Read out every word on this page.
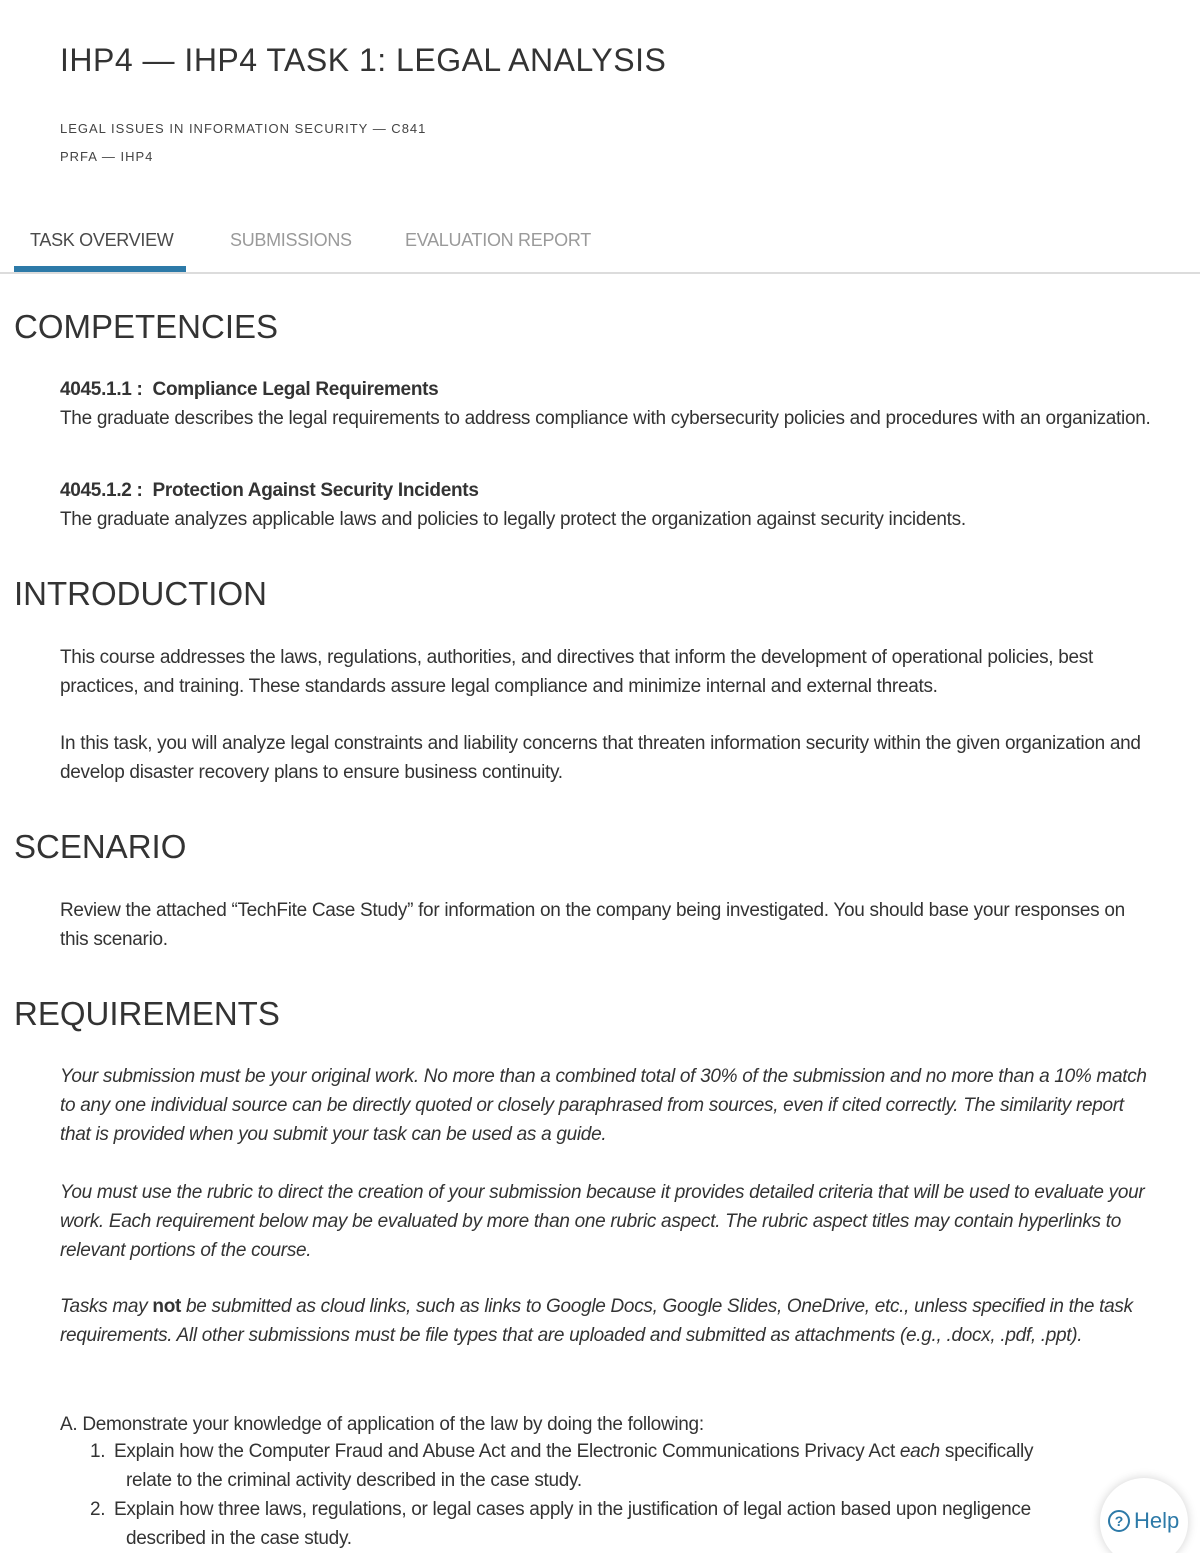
IHP4 — IHP4 TASK 1: LEGAL ANALYSIS
LEGAL ISSUES IN INFORMATION SECURITY — C841
PRFA — IHP4
TASK OVERVIEW	SUBMISSIONS	EVALUATION REPORT
COMPETENCIES
4045.1.1 : Compliance Legal Requirements
The graduate describes the legal requirements to address compliance with cybersecurity policies and procedures with an organization.
4045.1.2 : Protection Against Security Incidents
The graduate analyzes applicable laws and policies to legally protect the organization against security incidents.
INTRODUCTION

This course addresses the laws, regulations, authorities, and directives that inform the development of operational policies, best practices, and training. These standards assure legal compliance and minimize internal and external threats.

In this task, you will analyze legal constraints and liability concerns that threaten information security within the given organization and develop disaster recovery plans to ensure business continuity.

SCENARIO

Review the attached “TechFite Case Study” for information on the company being investigated. You should base your responses on this scenario.

REQUIREMENTS

Your submission must be your original work. No more than a combined total of 30% of the submission and no more than a 10% match to any one individual source can be directly quoted or closely paraphrased from sources, even if cited correctly. The similarity report that is provided when you submit your task can be used as a guide.

You must use the rubric to direct the creation of your submission because it provides detailed criteria that will be used to evaluate your work. Each requirement below may be evaluated by more than one rubric aspect. The rubric aspect titles may contain hyperlinks to relevant portions of the course.

Tasks may not be submitted as cloud links, such as links to Google Docs, Google Slides, OneDrive, etc., unless specified in the task requirements. All other submissions must be file types that are uploaded and submitted as attachments (e.g., .docx, .pdf, .ppt).

A. Demonstrate your knowledge of application of the law by doing the following:
1. Explain how the Computer Fraud and Abuse Act and the Electronic Communications Privacy Act each specifically
relate to the criminal activity described in the case study.
2. Explain how three laws, regulations, or legal cases apply in the justification of legal action based upon negligence
described in the case study.
? Help
